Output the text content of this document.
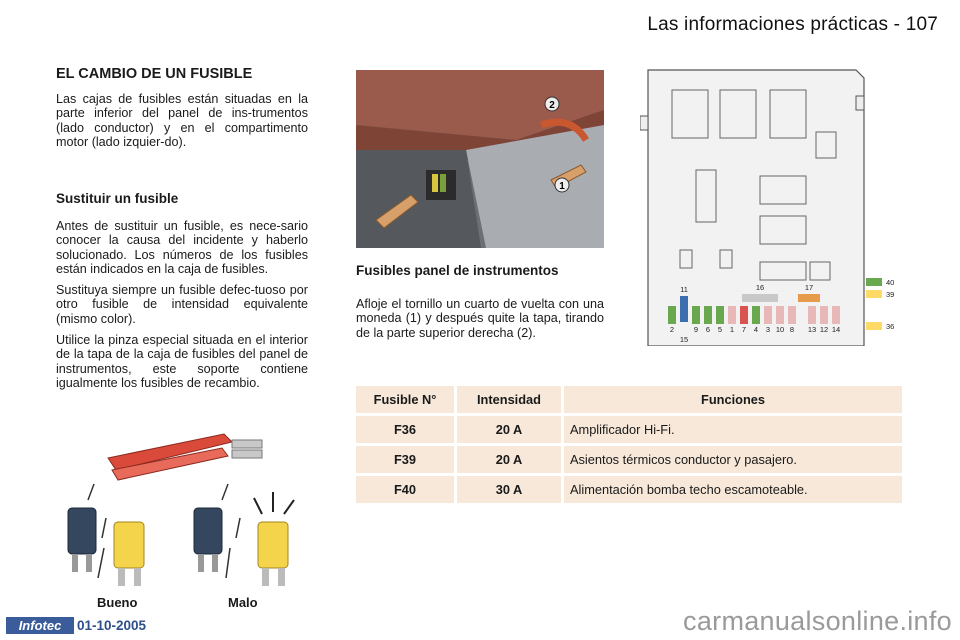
Las informaciones prácticas - 107
EL CAMBIO DE UN FUSIBLE

Las cajas de fusibles están situadas en la parte inferior del panel de ins-trumentos (lado conductor) y en el compartimento motor (lado izquier-do).

Sustituir un fusible

Antes de sustituir un fusible, es nece-sario conocer la causa del incidente y haberlo solucionado. Los números de los fusibles están indicados en la caja de fusibles.

Sustituya siempre un fusible defec-tuoso por otro fusible de intensidad equivalente (mismo color).

Utilice la pinza especial situada en el interior de la tapa de la caja de fusibles del panel de instrumentos, este soporte contiene igualmente los fusibles de recambio.

2
1
Fusibles panel de instrumentos

Afloje el tornillo un cuarto de vuelta con una moneda (1) y después quite la tapa, tirando de la parte superior derecha (2).

11	16	17
2	9 6 5 1 7 4 3 10 8 13 12 14
15
40
39
36
Fusible N°	Intensidad	Funciones
F36	20 A	Amplificador Hi-Fi.
F39	20 A	Asientos térmicos conductor y pasajero.
F40	30 A	Alimentación bomba techo escamoteable.
Bueno	Malo
Infotec	01-10-2005	carmanualsonline.info
